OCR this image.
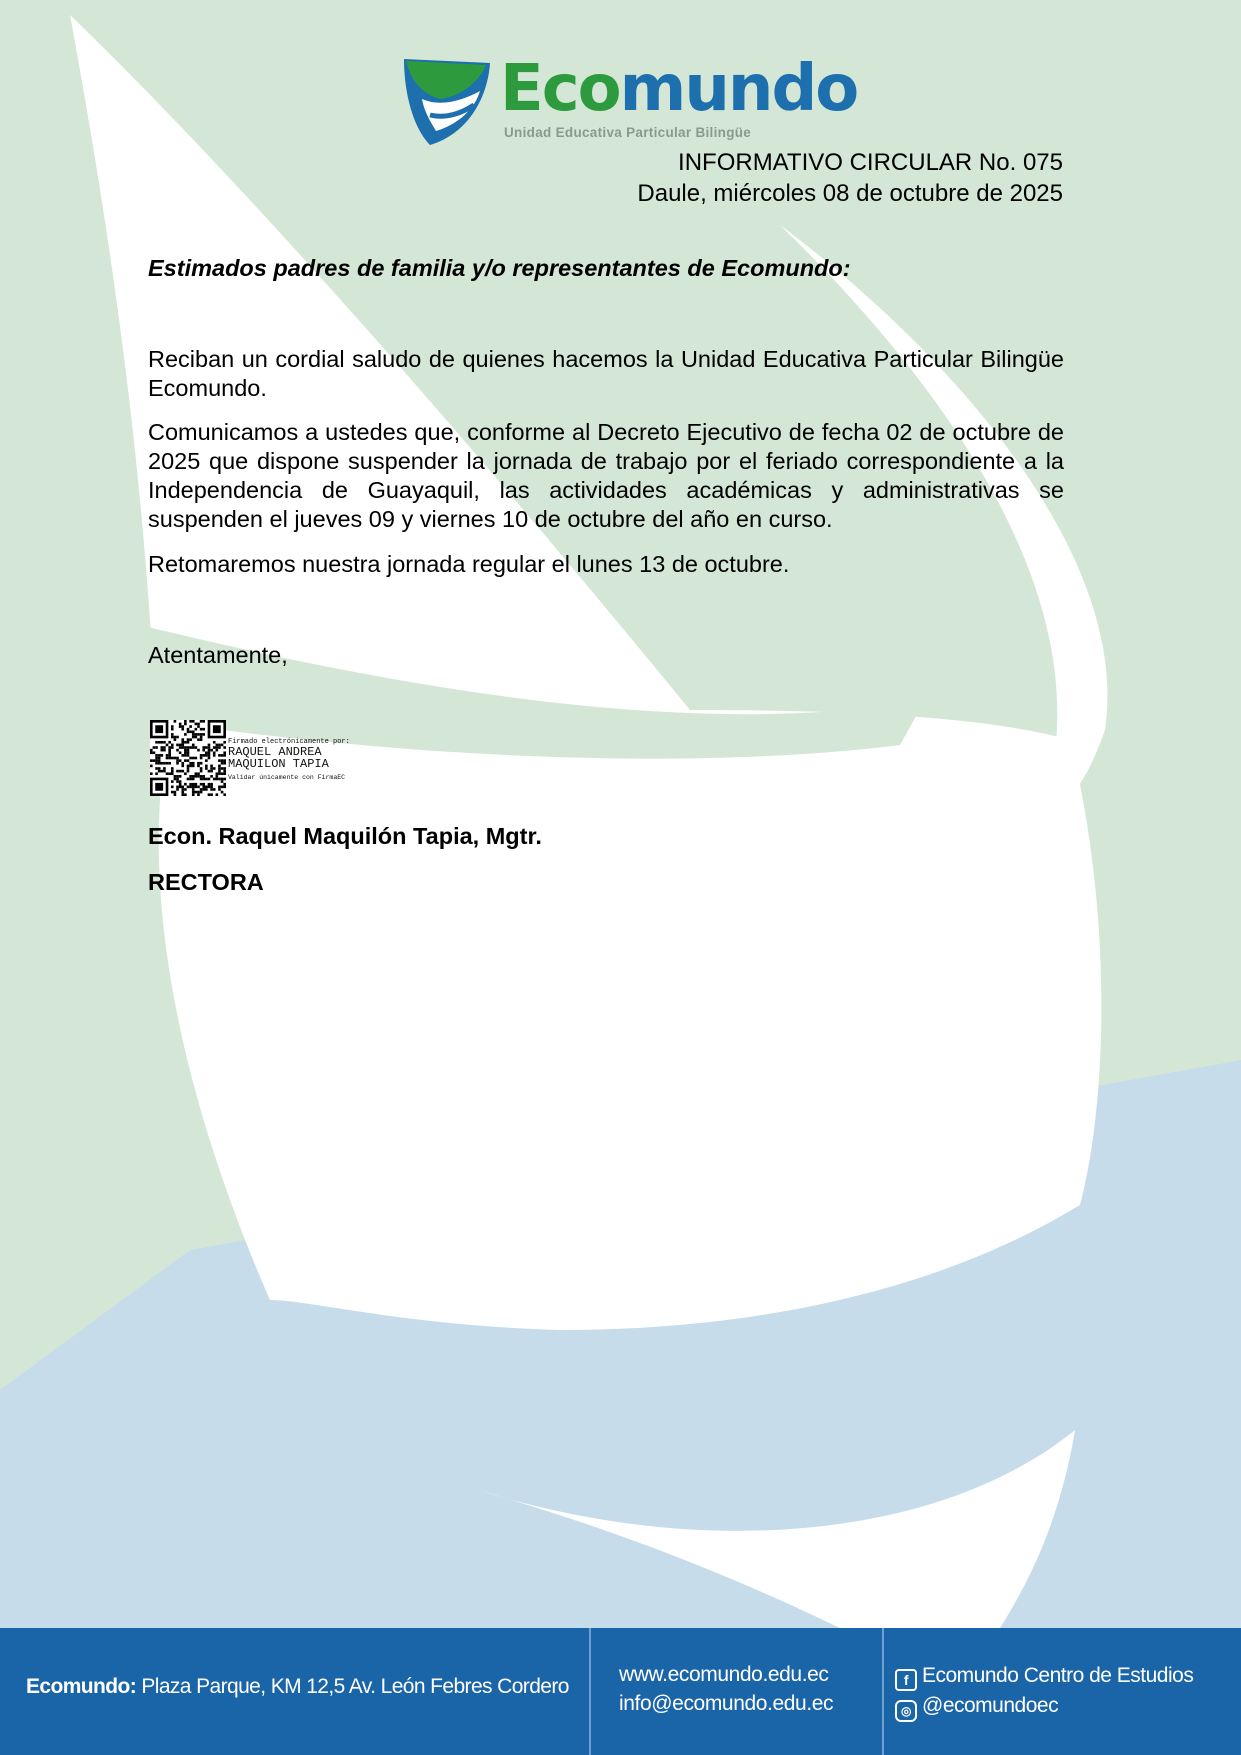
Ecomundo
Unidad Educativa Particular Bilingüe
INFORMATIVO CIRCULAR No. 075
Daule, miércoles 08 de octubre de 2025
Estimados padres de familia y/o representantes de Ecomundo:

Reciban un cordial saludo de quienes hacemos la Unidad Educativa Particular Bilingüe Ecomundo.

Comunicamos a ustedes que, conforme al Decreto Ejecutivo de fecha 02 de octubre de 2025 que dispone suspender la jornada de trabajo por el feriado correspondiente a la Independencia de Guayaquil, las actividades académicas y administrativas se suspenden el jueves 09 y viernes 10 de octubre del año en curso.

Retomaremos nuestra jornada regular el lunes 13 de octubre.

Atentamente,
Firmado electrónicamente por:
RAQUEL ANDREA
MAQUILON TAPIA
Validar únicamente con FirmaEC
Econ. Raquel Maquilón Tapia, Mgtr.
RECTORA
Ecomundo: Plaza Parque, KM 12,5 Av. León Febres Cordero
www.ecomundo.edu.ec
info@ecomundo.edu.ec
f Ecomundo Centro de Estudios
◎ @ecomundoec
